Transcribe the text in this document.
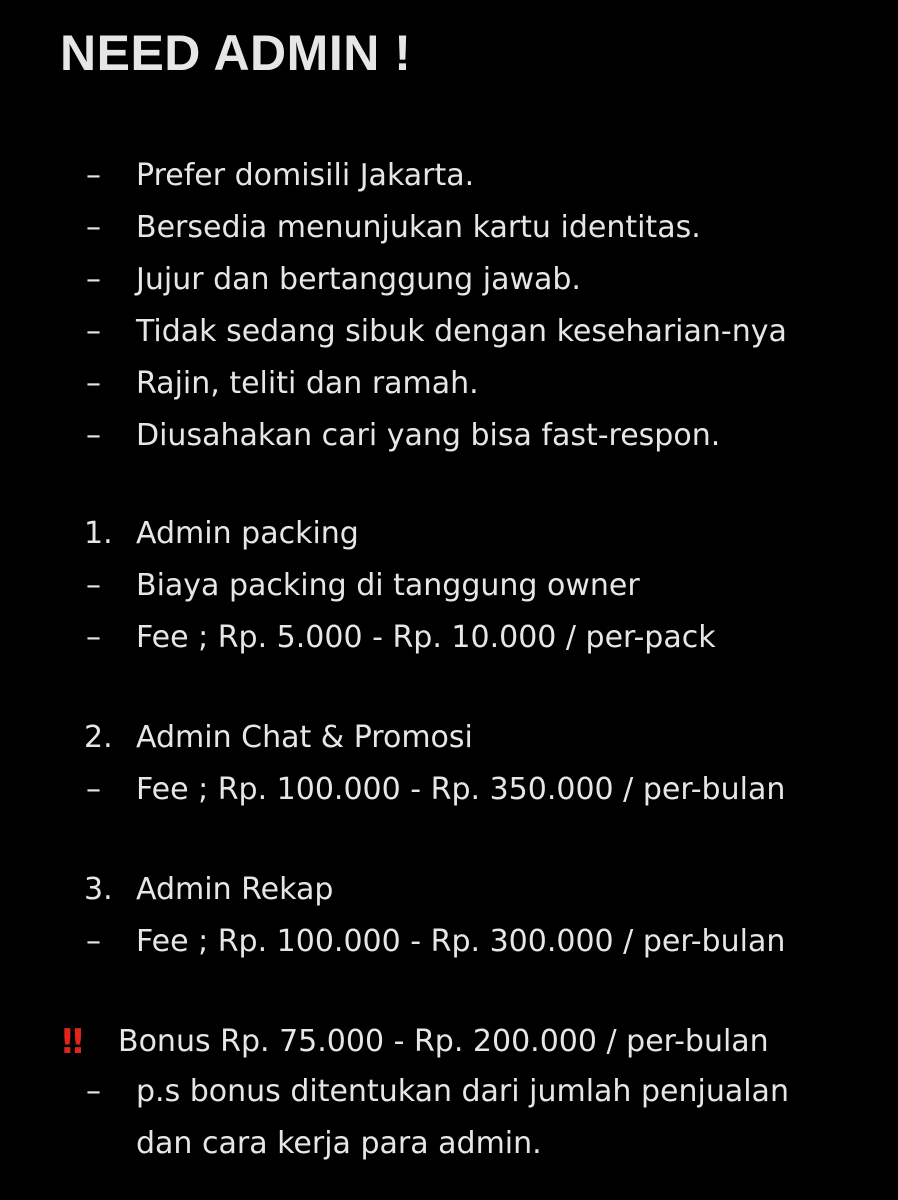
NEED ADMIN !
–	Prefer domisili Jakarta.
–	Bersedia menunjukan kartu identitas.
–	Jujur dan bertanggung jawab.
–	Tidak sedang sibuk dengan keseharian-nya
–	Rajin, teliti dan ramah.
–	Diusahakan cari yang bisa fast-respon.
1. Admin packing
–	Biaya packing di tanggung owner
–	Fee ; Rp. 5.000 - Rp. 10.000 / per-pack
2. Admin Chat & Promosi
–	Fee ; Rp. 100.000 - Rp. 350.000 / per-bulan
3. Admin Rekap
–	Fee ; Rp. 100.000 - Rp. 300.000 / per-bulan
‼ Bonus Rp. 75.000 - Rp. 200.000 / per-bulan
–	p.s bonus ditentukan dari jumlah penjualan
dan cara kerja para admin.
